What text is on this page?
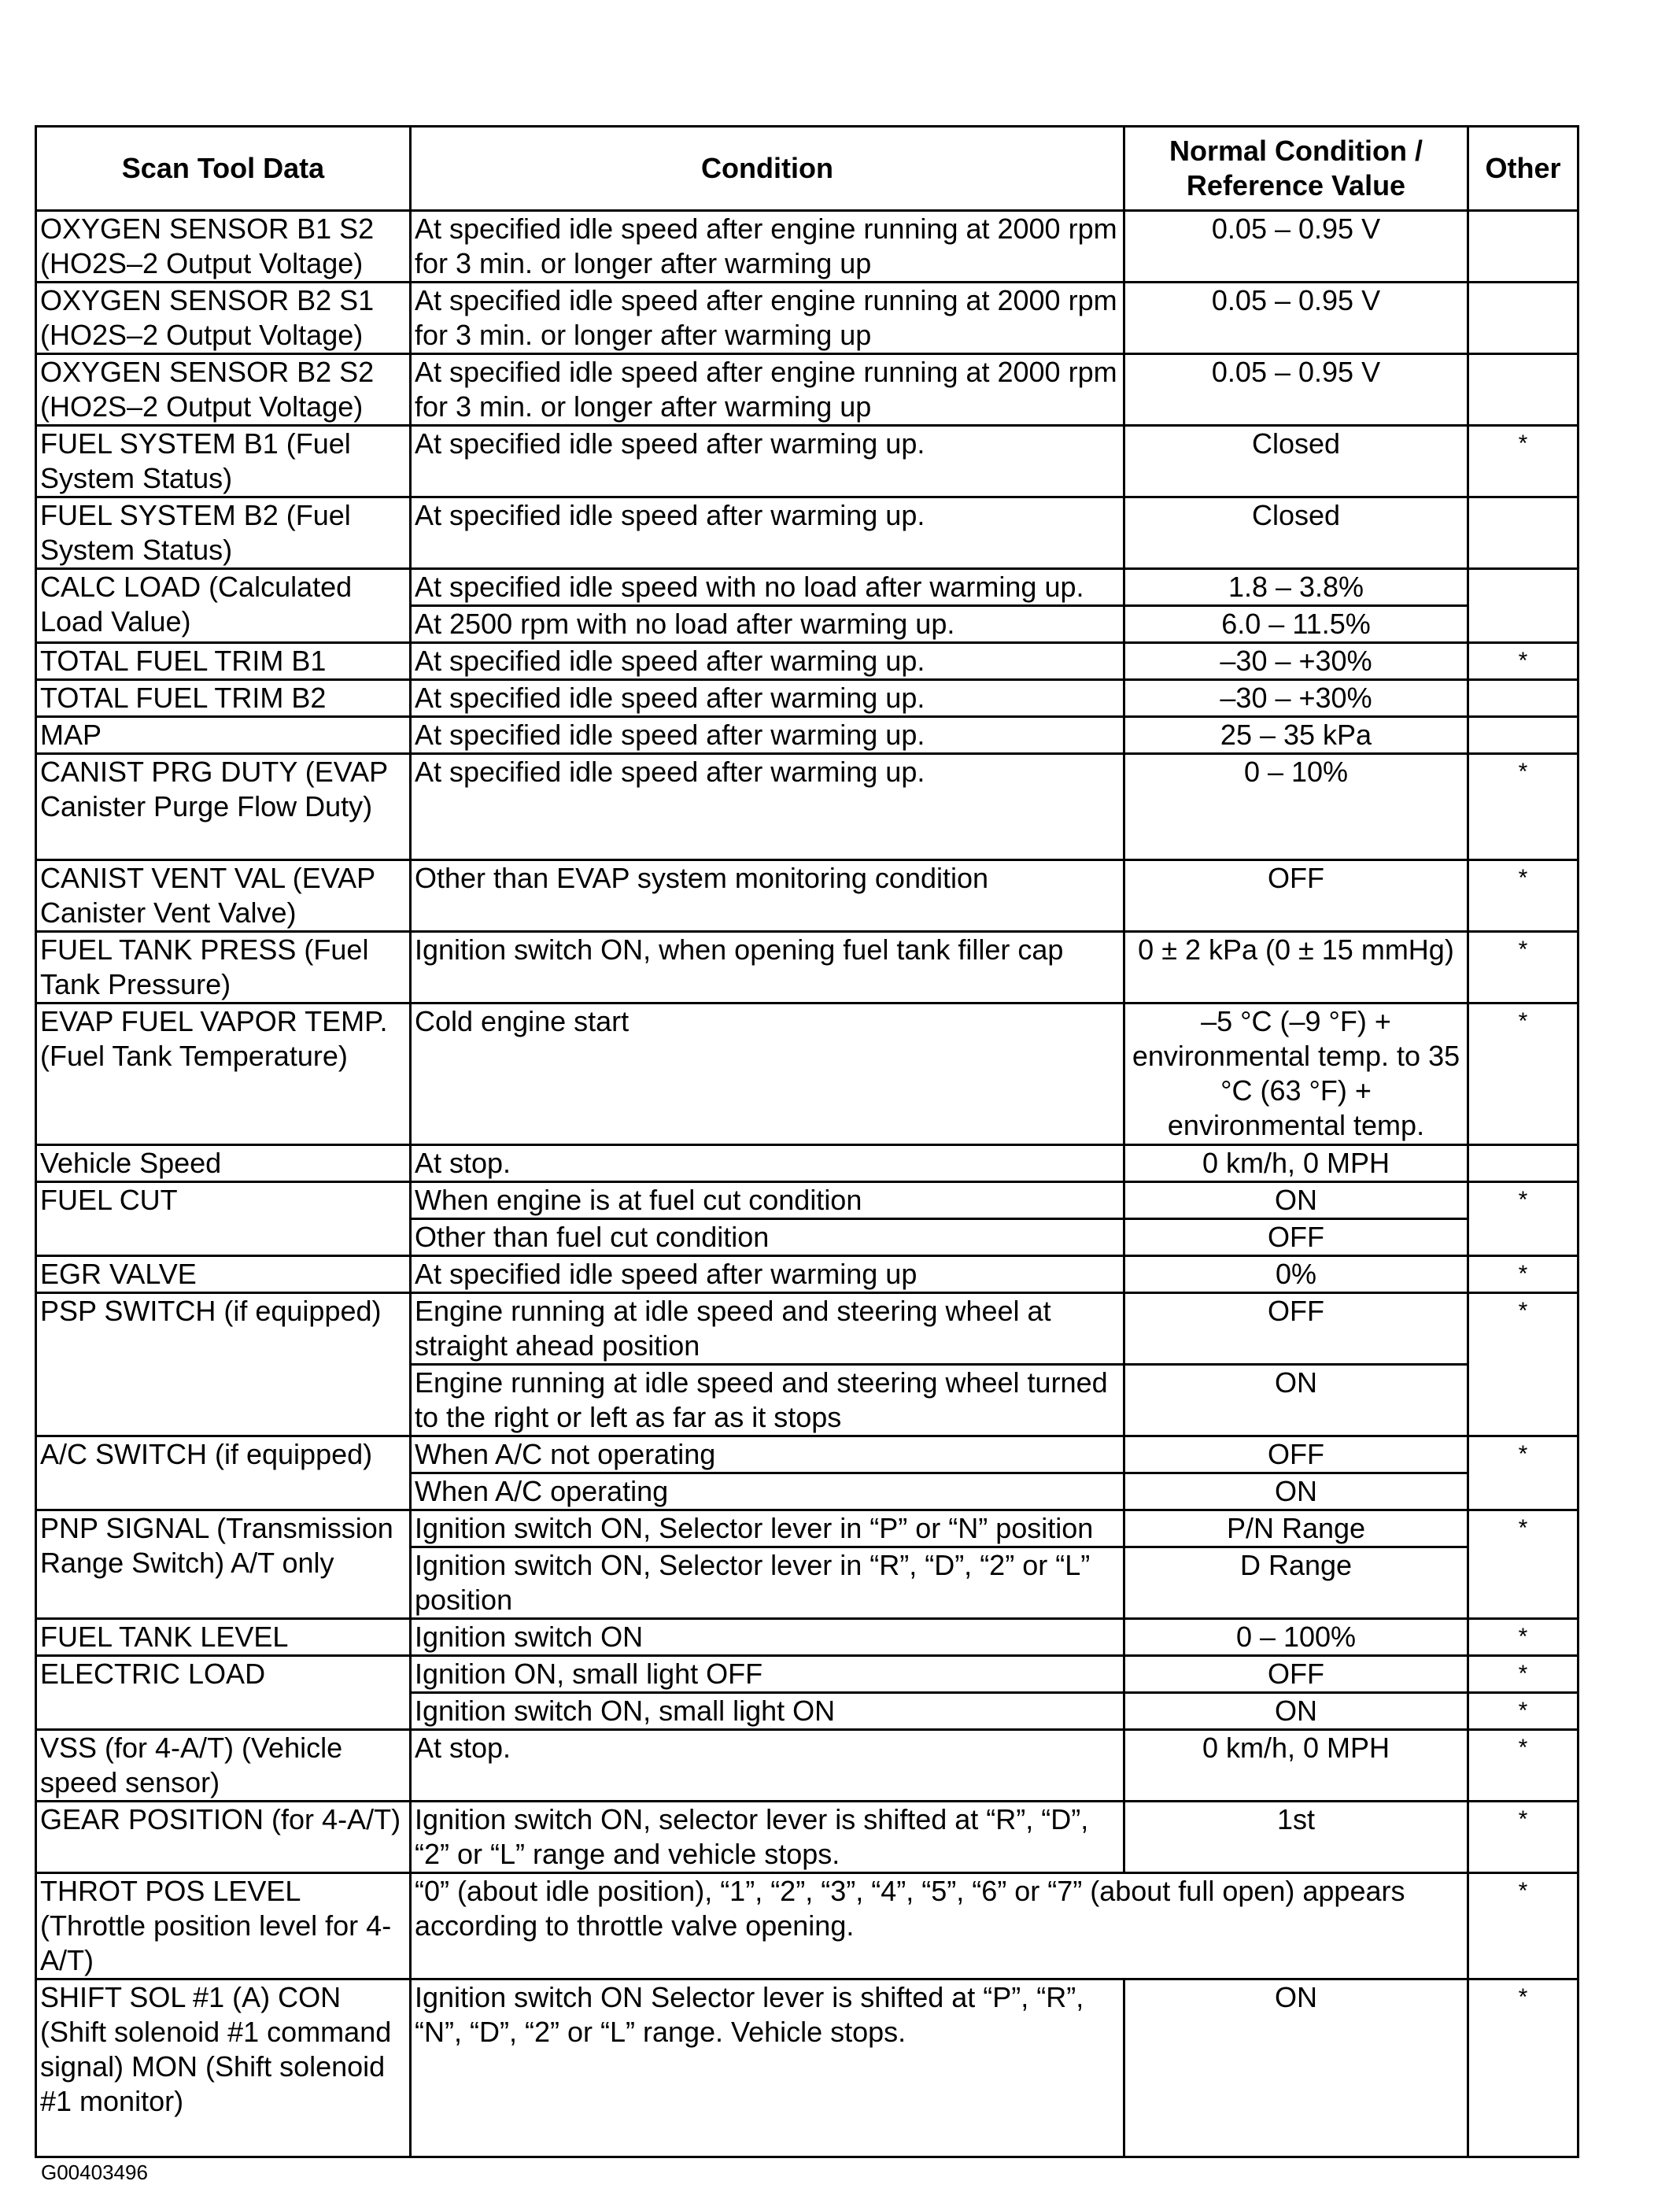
Scan Tool Data	Condition	Normal Condition / Reference Value	Other
OXYGEN SENSOR B1 S2 (HO2S–2 Output Voltage)	At specified idle speed after engine running at 2000 rpm for 3 min. or longer after warming up	0.05 – 0.95 V	
OXYGEN SENSOR B2 S1 (HO2S–2 Output Voltage)	At specified idle speed after engine running at 2000 rpm for 3 min. or longer after warming up	0.05 – 0.95 V	
OXYGEN SENSOR B2 S2 (HO2S–2 Output Voltage)	At specified idle speed after engine running at 2000 rpm for 3 min. or longer after warming up	0.05 – 0.95 V	
FUEL SYSTEM B1 (Fuel System Status)	At specified idle speed after warming up.	Closed	*
FUEL SYSTEM B2 (Fuel System Status)	At specified idle speed after warming up.	Closed	
CALC LOAD (Calculated Load Value)	At specified idle speed with no load after warming up.	1.8 – 3.8%	
	At 2500 rpm with no load after warming up.	6.0 – 11.5%	
TOTAL FUEL TRIM B1	At specified idle speed after warming up.	–30 – +30%	*
TOTAL FUEL TRIM B2	At specified idle speed after warming up.	–30 – +30%	
MAP	At specified idle speed after warming up.	25 – 35 kPa	
CANIST PRG DUTY (EVAP Canister Purge Flow Duty)	At specified idle speed after warming up.	0 – 10%	*
CANIST VENT VAL (EVAP Canister Vent Valve)	Other than EVAP system monitoring condition	OFF	*
FUEL TANK PRESS (Fuel Tank Pressure)	Ignition switch ON, when opening fuel tank filler cap	0 ± 2 kPa (0 ± 15 mmHg)	*
EVAP FUEL VAPOR TEMP. (Fuel Tank Temperature)	Cold engine start	–5 °C (–9 °F) + environmental temp. to 35 °C (63 °F) + environmental temp.	*
Vehicle Speed	At stop.	0 km/h, 0 MPH	
FUEL CUT	When engine is at fuel cut condition	ON	*
	Other than fuel cut condition	OFF	
EGR VALVE	At specified idle speed after warming up	0%	*
PSP SWITCH (if equipped)	Engine running at idle speed and steering wheel at straight ahead position	OFF	*
	Engine running at idle speed and steering wheel turned to the right or left as far as it stops	ON	
A/C SWITCH (if equipped)	When A/C not operating	OFF	*
	When A/C operating	ON	
PNP SIGNAL (Transmission Range Switch) A/T only	Ignition switch ON, Selector lever in “P” or “N” position	P/N Range	*
	Ignition switch ON, Selector lever in “R”, “D”, “2” or “L” position	D Range	
FUEL TANK LEVEL	Ignition switch ON	0 – 100%	*
ELECTRIC LOAD	Ignition ON, small light OFF	OFF	*
	Ignition switch ON, small light ON	ON	*
VSS (for 4-A/T) (Vehicle speed sensor)	At stop.	0 km/h, 0 MPH	*
GEAR POSITION (for 4-A/T)	Ignition switch ON, selector lever is shifted at “R”, “D”, “2” or “L” range and vehicle stops.	1st	*
THROT POS LEVEL (Throttle position level for 4-A/T)	“0” (about idle position), “1”, “2”, “3”, “4”, “5”, “6” or “7” (about full open) appears according to throttle valve opening.		*
SHIFT SOL #1 (A) CON (Shift solenoid #1 command signal) MON (Shift solenoid #1 monitor)	Ignition switch ON Selector lever is shifted at “P”, “R”, “N”, “D”, “2” or “L” range. Vehicle stops.	ON	*
G00403496
